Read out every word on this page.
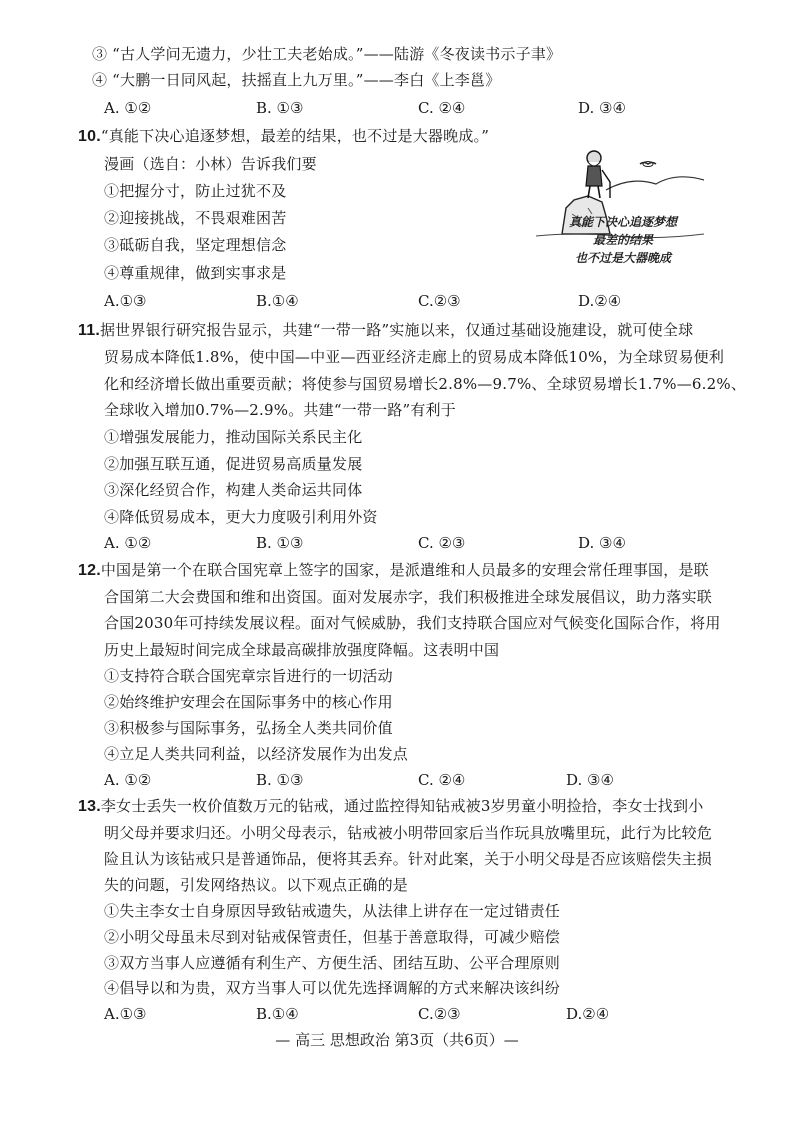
③ “古人学问无遗力，少壮工夫老始成。”——陆游《冬夜读书示子聿》
④ “大鹏一日同风起，扶摇直上九万里。”——李白《上李邕》
A. ①②	B. ①③	C. ②④	D. ③④
10.“真能下决心追逐梦想，最差的结果，也不过是大器晚成。”
漫画（选自：小林）告诉我们要
①把握分寸，防止过犹不及
②迎接挑战，不畏艰难困苦
③砥砺自我，坚定理想信念
④尊重规律，做到实事求是
A.①③	B.①④	C.②③	D.②④
真能下决心追逐梦想
最差的结果
也不过是大器晚成
11.据世界银行研究报告显示，共建“一带一路”实施以来，仅通过基础设施建设，就可使全球
贸易成本降低1.8%，使中国—中亚—西亚经济走廊上的贸易成本降低10%，为全球贸易便利
化和经济增长做出重要贡献；将使参与国贸易增长2.8%—9.7%、全球贸易增长1.7%—6.2%、
全球收入增加0.7%—2.9%。共建“一带一路”有利于
①增强发展能力，推动国际关系民主化
②加强互联互通，促进贸易高质量发展
③深化经贸合作，构建人类命运共同体
④降低贸易成本，更大力度吸引利用外资
A. ①②	B. ①③	C. ②③	D. ③④
12.中国是第一个在联合国宪章上签字的国家，是派遣维和人员最多的安理会常任理事国，是联
合国第二大会费国和维和出资国。面对发展赤字，我们积极推进全球发展倡议，助力落实联
合国2030年可持续发展议程。面对气候威胁，我们支持联合国应对气候变化国际合作，将用
历史上最短时间完成全球最高碳排放强度降幅。这表明中国
①支持符合联合国宪章宗旨进行的一切活动
②始终维护安理会在国际事务中的核心作用
③积极参与国际事务，弘扬全人类共同价值
④立足人类共同利益，以经济发展作为出发点
A. ①②	B. ①③	C. ②④	D. ③④
13.李女士丢失一枚价值数万元的钻戒，通过监控得知钻戒被3岁男童小明捡拾，李女士找到小
明父母并要求归还。小明父母表示，钻戒被小明带回家后当作玩具放嘴里玩，此行为比较危
险且认为该钻戒只是普通饰品，便将其丢弃。针对此案，关于小明父母是否应该赔偿失主损
失的问题，引发网络热议。以下观点正确的是
①失主李女士自身原因导致钻戒遗失，从法律上讲存在一定过错责任
②小明父母虽未尽到对钻戒保管责任，但基于善意取得，可减少赔偿
③双方当事人应遵循有利生产、方便生活、团结互助、公平合理原则
④倡导以和为贵，双方当事人可以优先选择调解的方式来解决该纠纷
A.①③	B.①④	C.②③	D.②④
— 高三 思想政治 第3页（共6页）—
